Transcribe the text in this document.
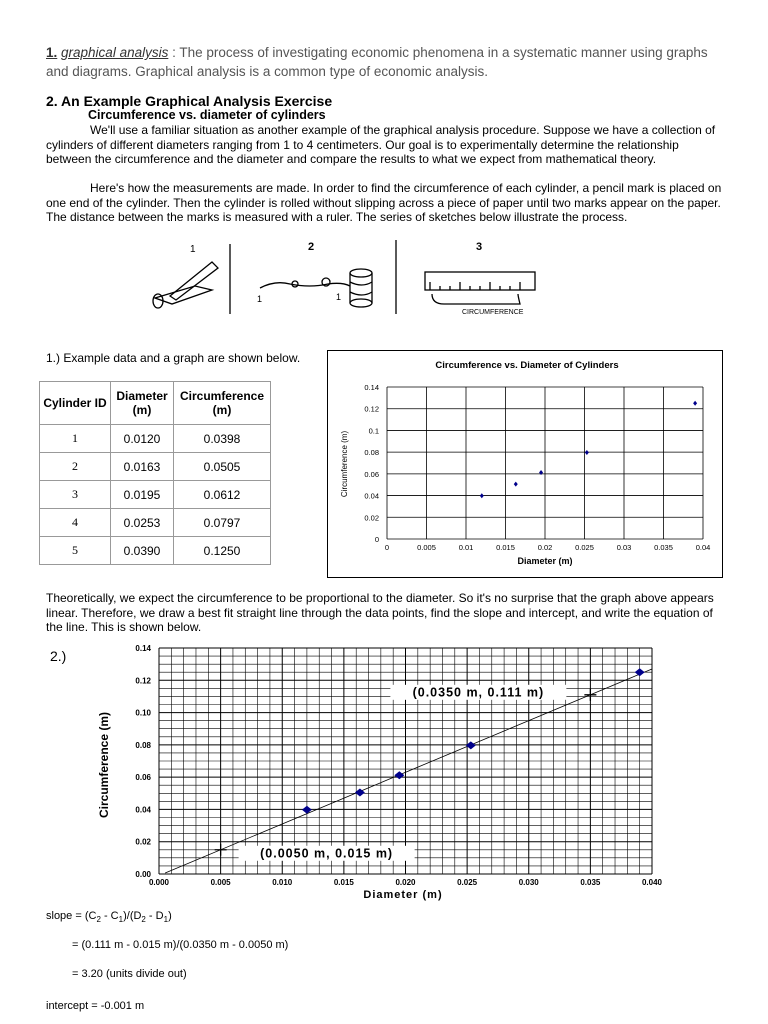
1. graphical analysis : The process of investigating economic phenomena in a systematic manner using graphs and diagrams. Graphical analysis is a common type of economic analysis.
2. An Example Graphical Analysis Exercise
Circumference vs. diameter of cylinders
We'll use a familiar situation as another example of the graphical analysis procedure. Suppose we have a collection of cylinders of different diameters ranging from 1 to 4 centimeters. Our goal is to experimentally determine the relationship between the circumference and the diameter and compare the results to what we expect from mathematical theory.
Here's how the measurements are made. In order to find the circumference of each cylinder, a pencil mark is placed on one end of the cylinder. Then the cylinder is rolled without slipping across a piece of paper until two marks appear on the paper. The distance between the marks is measured with a ruler. The series of sketches below illustrate the process.
1	2	3
1	1
CIRCUMFERENCE
1.) Example data and a graph are shown below.
Cylinder ID	Diameter (m)	Circumference (m)
1	0.0120	0.0398
2	0.0163	0.0505
3	0.0195	0.0612
4	0.0253	0.0797
5	0.0390	0.1250
Circumference vs. Diameter of Cylinders
Diameter (m)
Circumference (m)
0	0.005	0.01	0.015	0.02	0.025	0.03	0.035	0.04
0
0.02
0.04
0.06
0.08
0.1
0.12
0.14
Theoretically, we expect the circumference to be proportional to the diameter. So it's no surprise that the graph above appears linear. Therefore, we draw a best fit straight line through the data points, find the slope and intercept, and write the equation of the line. This is shown below.
2.)
0.000	0.005	0.010	0.015	0.020	0.025	0.030	0.035	0.040
0.00
0.02
0.04
0.06
0.08
0.10
0.12
0.14
(0.0050 m, 0.015 m)
(0.0350 m, 0.111 m)
Diameter (m)
Circumference (m)
slope = $(C_2 - C_1)/(D_2 - D_1)$
= (0.111 m - 0.015 m)/(0.0350 m - 0.0050 m)
= 3.20 (units divide out)
intercept = -0.001 m
